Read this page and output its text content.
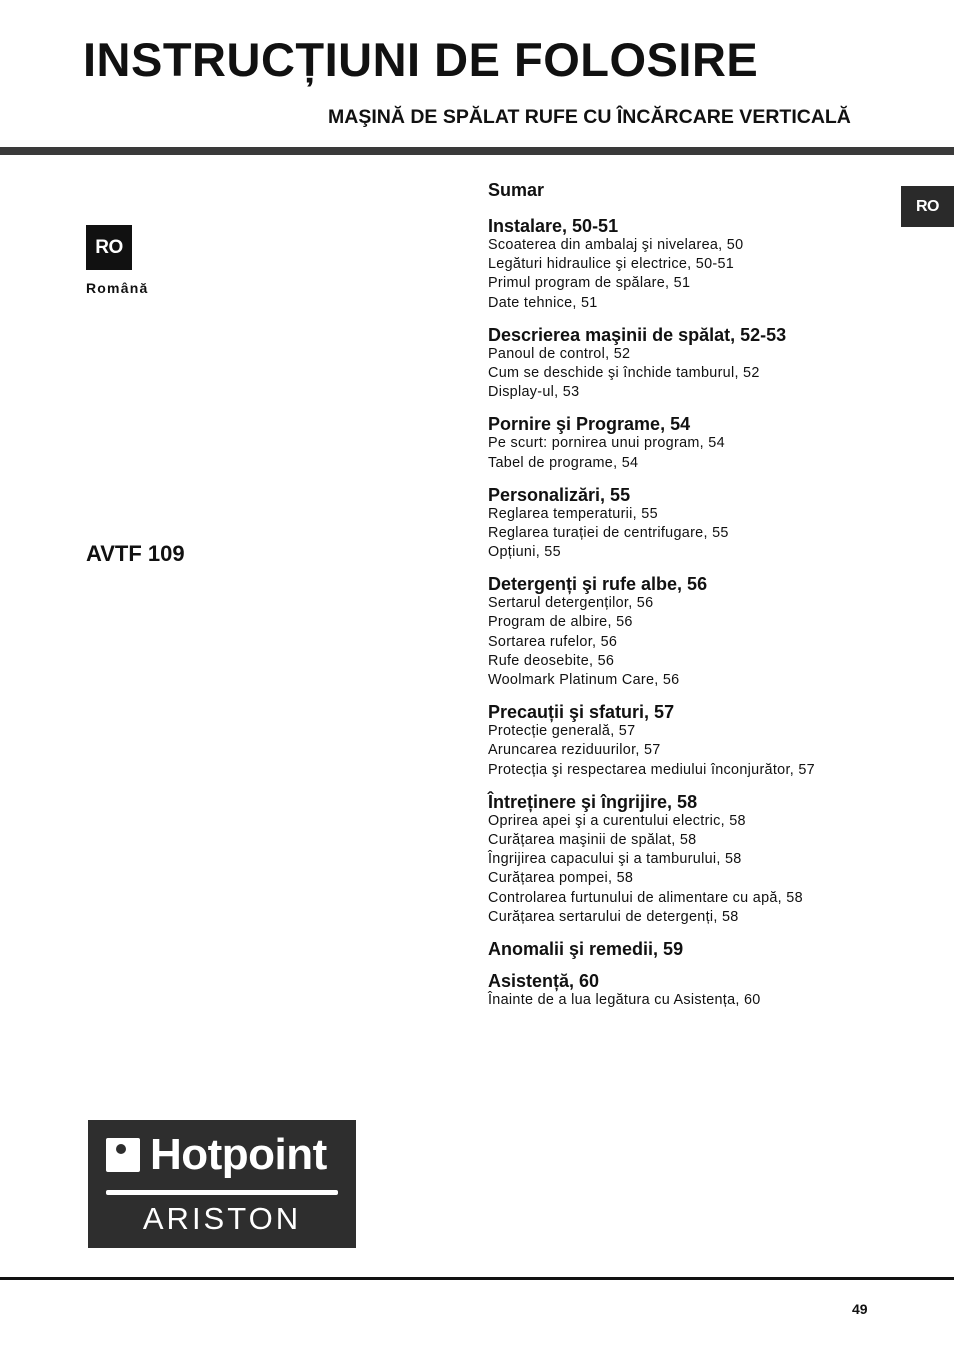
INSTRUCȚIUNI DE FOLOSIRE
MAŞINĂ DE SPĂLAT RUFE CU ÎNCĂRCARE VERTICALĂ
RO
RO
Română
AVTF 109
Sumar
Instalare, 50-51
Scoaterea din ambalaj şi nivelarea, 50
Legături hidraulice şi electrice, 50-51
Primul program de spălare, 51
Date tehnice, 51
Descrierea maşinii de spălat, 52-53
Panoul de control, 52
Cum se deschide şi închide tamburul, 52
Display-ul, 53
Pornire şi Programe, 54
Pe scurt: pornirea unui program, 54
Tabel de programe, 54
Personalizări, 55
Reglarea temperaturii, 55
Reglarea turației de centrifugare, 55
Opțiuni, 55
Detergenți şi rufe albe, 56
Sertarul detergenților, 56
Program de albire, 56
Sortarea rufelor, 56
Rufe deosebite, 56
Woolmark Platinum Care, 56
Precauții şi sfaturi, 57
Protecție generală, 57
Aruncarea reziduurilor, 57
Protecția şi respectarea mediului înconjurător, 57
Întreținere şi îngrijire, 58
Oprirea apei şi a curentului electric, 58
Curățarea maşinii de spălat, 58
Îngrijirea capacului şi a tamburului, 58
Curățarea pompei, 58
Controlarea furtunului de alimentare cu apă, 58
Curățarea sertarului de detergenți, 58
Anomalii şi remedii, 59
Asistență, 60
Înainte de a lua legătura cu Asistența, 60
Hotpoint
ARISTON
49
